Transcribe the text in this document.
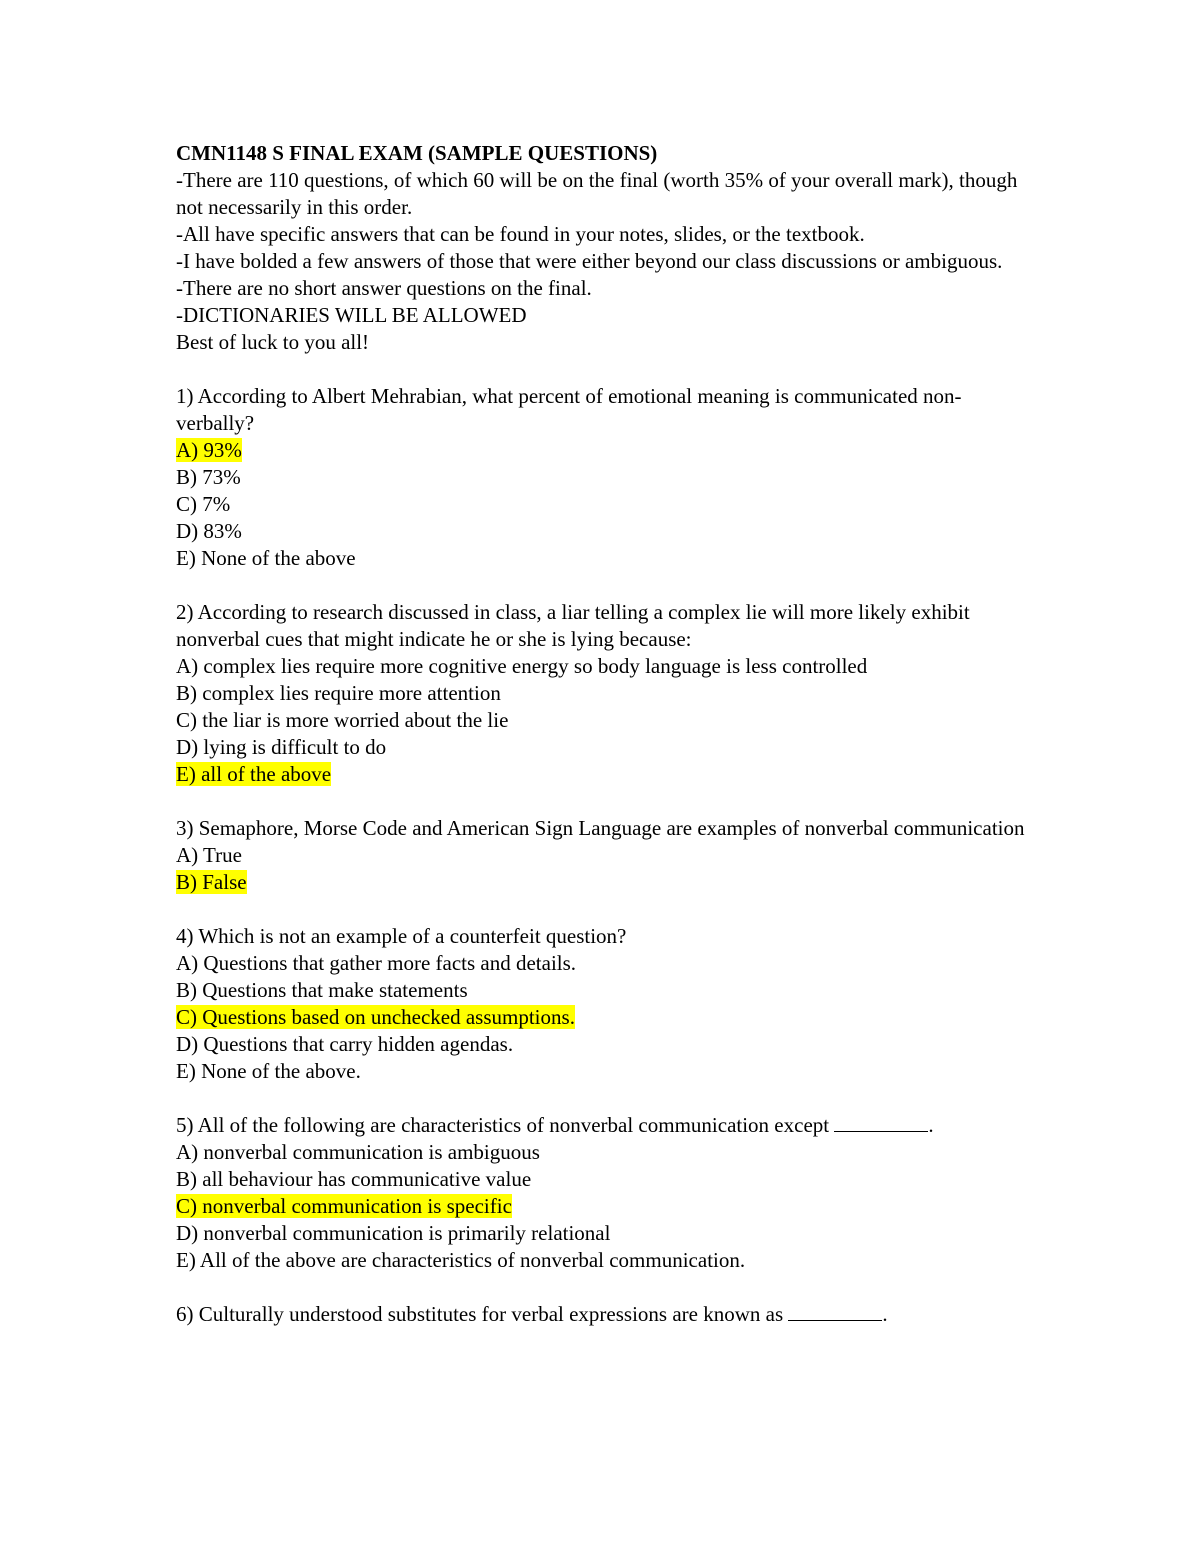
CMN1148 S FINAL EXAM (SAMPLE QUESTIONS)
-There are 110 questions, of which 60 will be on the final (worth 35% of your overall mark), though not necessarily in this order.
-All have specific answers that can be found in your notes, slides, or the textbook.
-I have bolded a few answers of those that were either beyond our class discussions or ambiguous.
-There are no short answer questions on the final.
-DICTIONARIES WILL BE ALLOWED
Best of luck to you all!
1) According to Albert Mehrabian, what percent of emotional meaning is communicated non-verbally?
A) 93%
B) 73%
C) 7%
D) 83%
E) None of the above
2) According to research discussed in class, a liar telling a complex lie will more likely exhibit nonverbal cues that might indicate he or she is lying because:
A) complex lies require more cognitive energy so body language is less controlled
B) complex lies require more attention
C) the liar is more worried about the lie
D) lying is difficult to do
E) all of the above
3) Semaphore, Morse Code and American Sign Language are examples of nonverbal communication
A) True
B) False
4) Which is not an example of a counterfeit question?
A) Questions that gather more facts and details.
B) Questions that make statements
C) Questions based on unchecked assumptions.
D) Questions that carry hidden agendas.
E) None of the above.
5) All of the following are characteristics of nonverbal communication except	.
A) nonverbal communication is ambiguous
B) all behaviour has communicative value
C) nonverbal communication is specific
D) nonverbal communication is primarily relational
E) All of the above are characteristics of nonverbal communication.
6) Culturally understood substitutes for verbal expressions are known as	.
